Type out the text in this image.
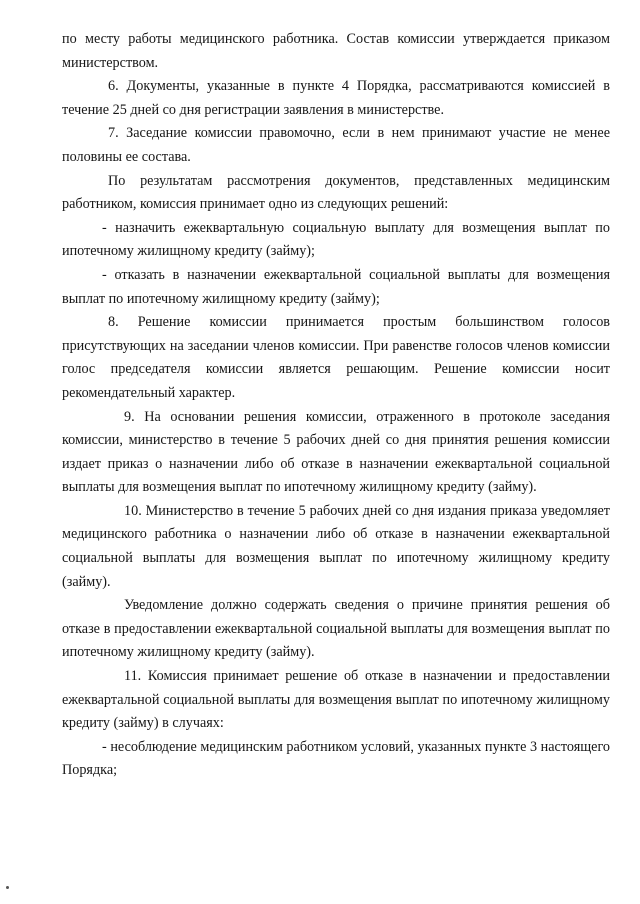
по месту работы медицинского работника. Состав комиссии утверждается приказом министерством.

6. Документы, указанные в пункте 4 Порядка, рассматриваются комиссией в течение 25 дней со дня регистрации заявления в министерстве.

7. Заседание комиссии правомочно, если в нем принимают участие не менее половины ее состава.

По результатам рассмотрения документов, представленных медицинским работником, комиссия принимает одно из следующих решений:

- назначить ежеквартальную социальную выплату для возмещения выплат по ипотечному жилищному кредиту (займу);

- отказать в назначении ежеквартальной социальной выплаты для возмещения выплат по ипотечному жилищному кредиту (займу);

8. Решение комиссии принимается простым большинством голосов присутствующих на заседании членов комиссии. При равенстве голосов членов комиссии голос председателя комиссии является решающим. Решение комиссии носит рекомендательный характер.

9. На основании решения комиссии, отраженного в протоколе заседания комиссии, министерство в течение 5 рабочих дней со дня принятия решения комиссии издает приказ о назначении либо об отказе в назначении ежеквартальной социальной выплаты для возмещения выплат по ипотечному жилищному кредиту (займу).

10. Министерство в течение 5 рабочих дней со дня издания приказа уведомляет медицинского работника о назначении либо об отказе в назначении ежеквартальной социальной выплаты для возмещения выплат по ипотечному жилищному кредиту (займу).

Уведомление должно содержать сведения о причине принятия решения об отказе в предоставлении ежеквартальной социальной выплаты для возмещения выплат по ипотечному жилищному кредиту (займу).

11. Комиссия принимает решение об отказе в назначении и предоставлении ежеквартальной социальной выплаты для возмещения выплат по ипотечному жилищному кредиту (займу) в случаях:

- несоблюдение медицинским работником условий, указанных пункте 3 настоящего Порядка;
